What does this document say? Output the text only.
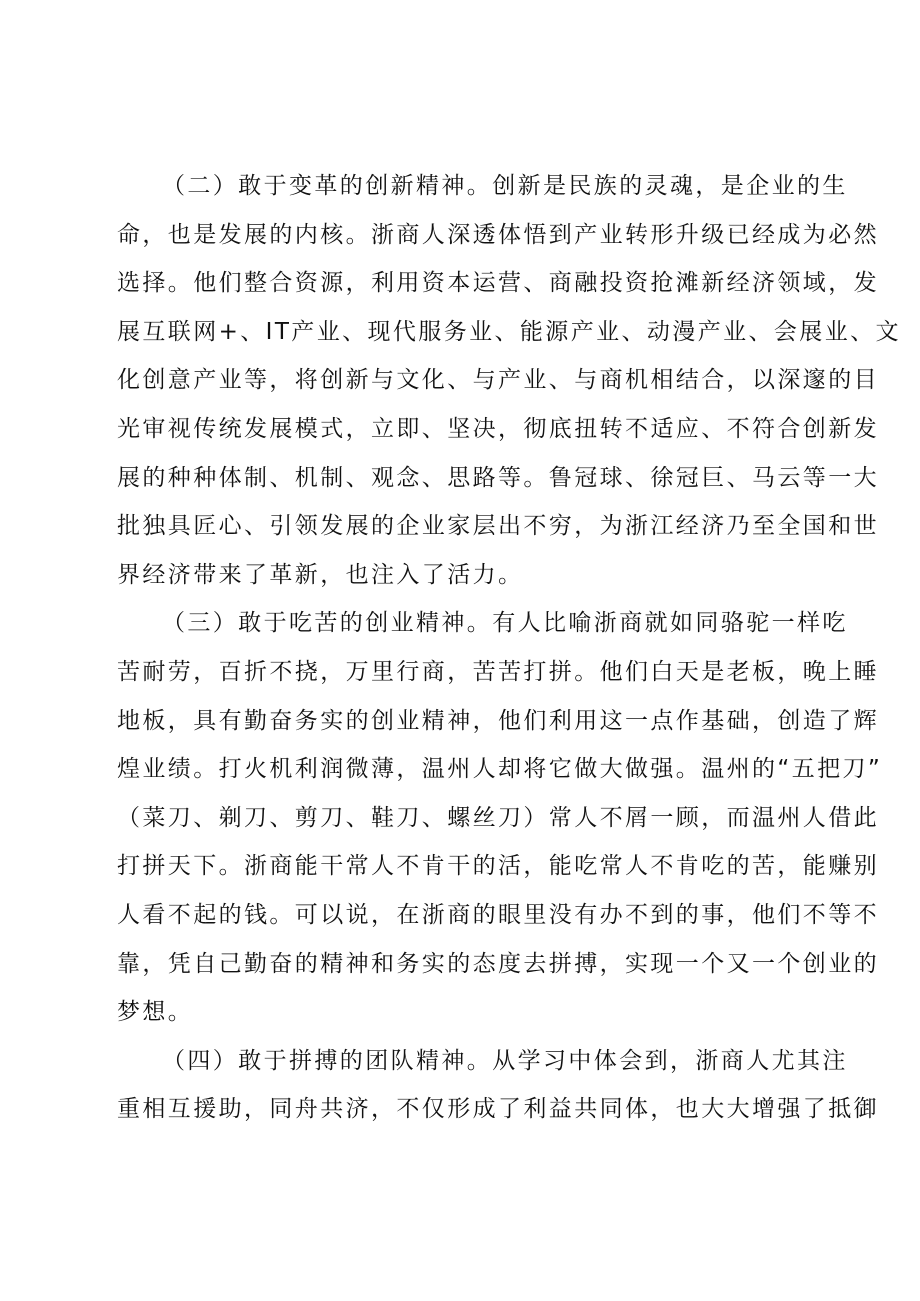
（二）敢于变革的创新精神。创新是民族的灵魂，是企业的生
命，也是发展的内核。浙商人深透体悟到产业转形升级已经成为必然
选择。他们整合资源，利用资本运营、商融投资抢滩新经济领域，发
展互联网+、IT产业、现代服务业、能源产业、动漫产业、会展业、文
化创意产业等，将创新与文化、与产业、与商机相结合，以深邃的目
光审视传统发展模式，立即、坚决，彻底扭转不适应、不符合创新发
展的种种体制、机制、观念、思路等。鲁冠球、徐冠巨、马云等一大
批独具匠心、引领发展的企业家层出不穷，为浙江经济乃至全国和世
界经济带来了革新，也注入了活力。
（三）敢于吃苦的创业精神。有人比喻浙商就如同骆驼一样吃
苦耐劳，百折不挠，万里行商，苦苦打拼。他们白天是老板，晚上睡
地板，具有勤奋务实的创业精神，他们利用这一点作基础，创造了辉
煌业绩。打火机利润微薄，温州人却将它做大做强。温州的“五把刀”
（菜刀、剃刀、剪刀、鞋刀、螺丝刀）常人不屑一顾，而温州人借此
打拼天下。浙商能干常人不肯干的活，能吃常人不肯吃的苦，能赚别
人看不起的钱。可以说，在浙商的眼里没有办不到的事，他们不等不
靠，凭自己勤奋的精神和务实的态度去拼搏，实现一个又一个创业的
梦想。
（四）敢于拼搏的团队精神。从学习中体会到，浙商人尤其注
重相互援助，同舟共济，不仅形成了利益共同体，也大大增强了抵御
